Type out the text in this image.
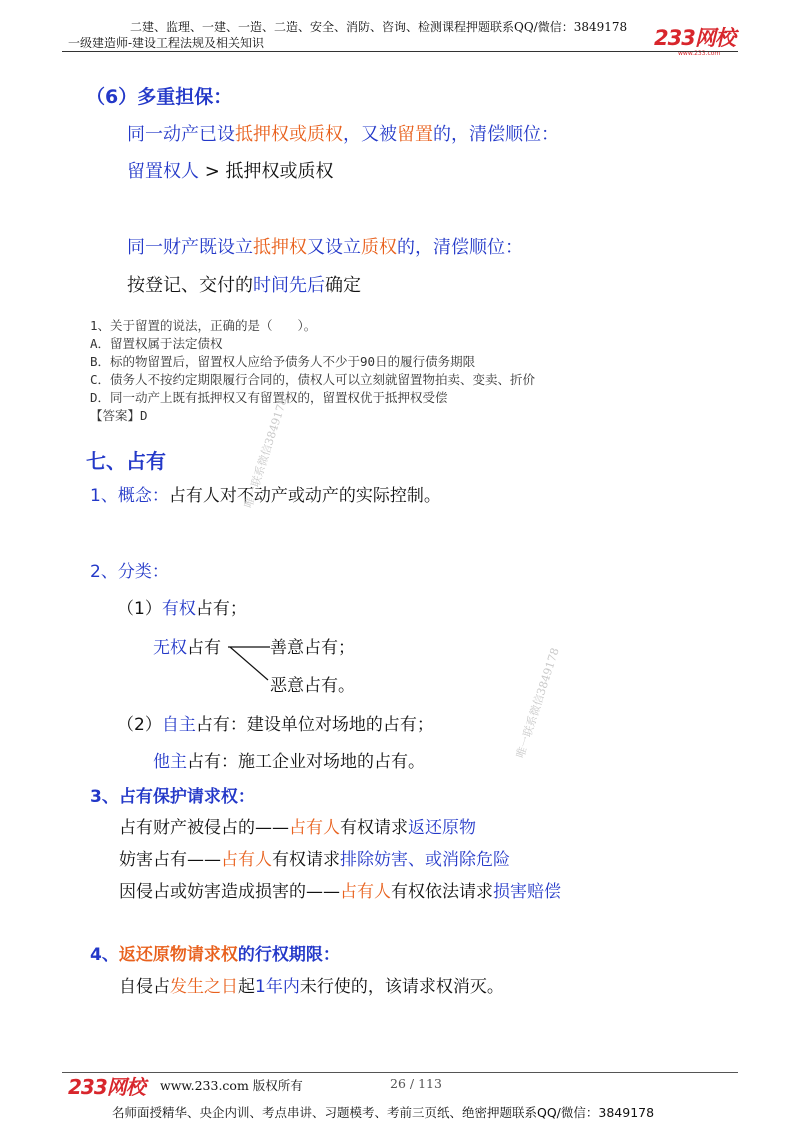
二建、监理、一建、一造、二造、安全、消防、咨询、检测课程押题联系QQ/微信：3849178
一级建造师-建设工程法规及相关知识	233网校
www.233.com
（6）多重担保：
同一动产已设抵押权或质权，又被留置的，清偿顺位：
留置权人 > 抵押权或质权
同一财产既设立抵押权又设立质权的，清偿顺位：
按登记、交付的时间先后确定
1、关于留置的说法，正确的是（　　）。
A．留置权属于法定债权
B．标的物留置后，留置权人应给予债务人不少于90日的履行债务期限
C．债务人不按约定期限履行合同的，债权人可以立刻就留置物拍卖、变卖、折价
D．同一动产上既有抵押权又有留置权的，留置权优于抵押权受偿
【答案】D
七、占有
1、概念：占有人对不动产或动产的实际控制。
2、分类：
（1）有权占有；
无权占有	善意占有；
恶意占有。
（2）自主占有：建设单位对场地的占有；
他主占有：施工企业对场地的占有。
3、占有保护请求权：
占有财产被侵占的——占有人有权请求返还原物
妨害占有——占有人有权请求排除妨害、或消除危险
因侵占或妨害造成损害的——占有人有权依法请求损害赔偿
4、返还原物请求权的行权期限：
自侵占发生之日起1年内未行使的，该请求权消灭。
唯一联系微信3849178
唯一联系微信3849178
233网校 www.233.com 版权所有	26 / 113
名师面授精华、央企内训、考点串讲、习题模考、考前三页纸、绝密押题联系QQ/微信：3849178
